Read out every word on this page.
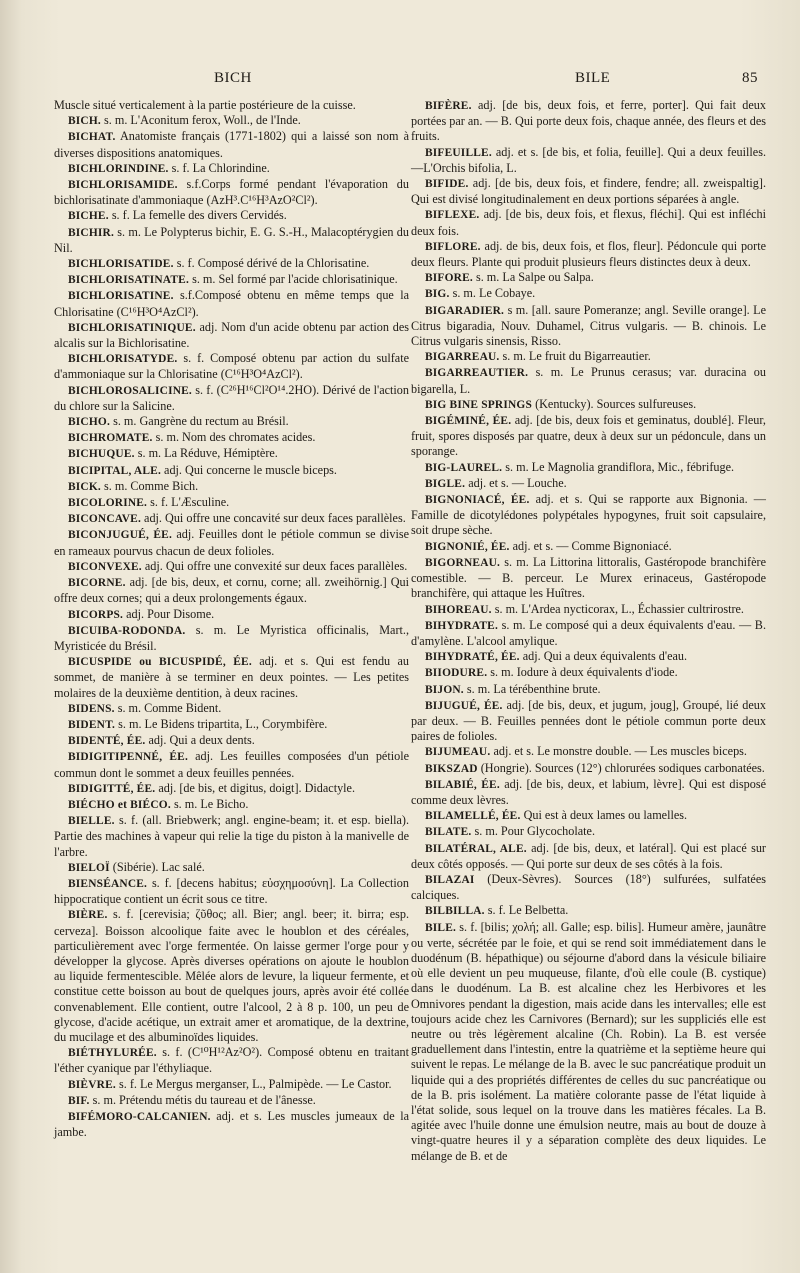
BICH	BILE	85

Muscle situé verticalement à la partie postérieure de la cuisse.

BICH. s. m. L'Aconitum ferox, Woll., de l'Inde.

BICHAT. Anatomiste français (1771-1802) qui a laissé son nom à diverses dispositions anatomiques.

BICHLORINDINE. s. f. La Chlorindine.

BICHLORISAMIDE. s.f.Corps formé pendant l'évaporation du bichlorisatinate d'ammoniaque (AzH³.C¹⁶H³AzO²Cl²).

BICHE. s. f. La femelle des divers Cervidés.

BICHIR. s. m. Le Polypterus bichir, E. G. S.-H., Malacoptérygien du Nil.

BICHLORISATIDE. s. f. Composé dérivé de la Chlorisatine.

BICHLORISATINATE. s. m. Sel formé par l'acide chlorisatinique.

BICHLORISATINE. s.f.Composé obtenu en même temps que la Chlorisatine (C¹⁶H³O⁴AzCl²).

BICHLORISATINIQUE. adj. Nom d'un acide obtenu par action des alcalis sur la Bichlorisatine.

BICHLORISATYDE. s. f. Composé obtenu par action du sulfate d'ammoniaque sur la Chlorisatine (C¹⁶H³O⁴AzCl²).

BICHLOROSALICINE. s. f. (C²⁶H¹⁶Cl²O¹⁴.2HO). Dérivé de l'action du chlore sur la Salicine.

BICHO. s. m. Gangrène du rectum au Brésil.

BICHROMATE. s. m. Nom des chromates acides.

BICHUQUE. s. m. La Réduve, Hémiptère.

BICIPITAL, ALE. adj. Qui concerne le muscle biceps.

BICK. s. m. Comme Bich.

BICOLORINE. s. f. L'Æsculine.

BICONCAVE. adj. Qui offre une concavité sur deux faces parallèles.

BICONJUGUÉ, ÉE. adj. Feuilles dont le pétiole commun se divise en rameaux pourvus chacun de deux folioles.

BICONVEXE. adj. Qui offre une convexité sur deux faces parallèles.

BICORNE. adj. [de bis, deux, et cornu, corne; all. zweihörnig.] Qui offre deux cornes; qui a deux prolongements égaux.

BICORPS. adj. Pour Disome.

BICUIBA-RODONDA. s. m. Le Myristica officinalis, Mart., Myristicée du Brésil.

BICUSPIDE ou BICUSPIDÉ, ÉE. adj. et s. Qui est fendu au sommet, de manière à se terminer en deux pointes. — Les petites molaires de la deuxième dentition, à deux racines.

BIDENS. s. m. Comme Bident.

BIDENT. s. m. Le Bidens tripartita, L., Corymbifère.

BIDENTÉ, ÉE. adj. Qui a deux dents.

BIDIGITIPENNÉ, ÉE. adj. Les feuilles composées d'un pétiole commun dont le sommet a deux feuilles pennées.

BIDIGITTÉ, ÉE. adj. [de bis, et digitus, doigt]. Didactyle.

BIÉCHO et BIÉCO. s. m. Le Bicho.

BIELLE. s. f. (all. Briebwerk; angl. engine-beam; it. et esp. biella). Partie des machines à vapeur qui relie la tige du piston à la manivelle de l'arbre.

BIELOÏ (Sibérie). Lac salé.

BIENSÉANCE. s. f. [decens habitus; εὐσχημοσύνη]. La Collection hippocratique contient un écrit sous ce titre.

BIÈRE. s. f. [cerevisia; ζῦθος; all. Bier; angl. beer; it. birra; esp. cerveza]. Boisson alcoolique faite avec le houblon et des céréales, particulièrement avec l'orge fermentée. On laisse germer l'orge pour y développer la glycose. Après diverses opérations on ajoute le houblon au liquide fermentescible. Mêlée alors de levure, la liqueur fermente, et constitue cette boisson au bout de quelques jours, après avoir été collée convenablement. Elle contient, outre l'alcool, 2 à 8 p. 100, un peu de glycose, d'acide acétique, un extrait amer et aromatique, de la dextrine, du mucilage et des albuminoïdes liquides.

BIÉTHYLURÉE. s. f. (C¹⁰H¹²Az²O²). Composé obtenu en traitant l'éther cyanique par l'éthyliaque.

BIÈVRE. s. f. Le Mergus merganser, L., Palmipède. — Le Castor.

BIF. s. m. Prétendu métis du taureau et de l'ânesse.

BIFÉMORO-CALCANIEN. adj. et s. Les muscles jumeaux de la jambe.

BIFÈRE. adj. [de bis, deux fois, et ferre, porter]. Qui fait deux portées par an. — B. Qui porte deux fois, chaque année, des fleurs et des fruits.

BIFEUILLE. adj. et s. [de bis, et folia, feuille]. Qui a deux feuilles. —L'Orchis bifolia, L.

BIFIDE. adj. [de bis, deux fois, et findere, fendre; all. zweispaltig]. Qui est divisé longitudinalement en deux portions séparées à angle.

BIFLEXE. adj. [de bis, deux fois, et flexus, fléchi]. Qui est infléchi deux fois.

BIFLORE. adj. de bis, deux fois, et flos, fleur]. Pédoncule qui porte deux fleurs. Plante qui produit plusieurs fleurs distinctes deux à deux.

BIFORE. s. m. La Salpe ou Salpa.

BIG. s. m. Le Cobaye.

BIGARADIER. s m. [all. saure Pomeranze; angl. Seville orange]. Le Citrus bigaradia, Nouv. Duhamel, Citrus vulgaris. — B. chinois. Le Citrus vulgaris sinensis, Risso.

BIGARREAU. s. m. Le fruit du Bigarreautier.

BIGARREAUTIER. s. m. Le Prunus cerasus; var. duracina ou bigarella, L.

BIG BINE SPRINGS (Kentucky). Sources sulfureuses.

BIGÉMINÉ, ÉE. adj. [de bis, deux fois et geminatus, doublé]. Fleur, fruit, spores disposés par quatre, deux à deux sur un pédoncule, dans un sporange.

BIG-LAUREL. s. m. Le Magnolia grandiflora, Mic., fébrifuge.

BIGLE. adj. et s. — Louche.

BIGNONIACÉ, ÉE. adj. et s. Qui se rapporte aux Bignonia. — Famille de dicotylédones polypétales hypogynes, fruit soit capsulaire, soit drupe sèche.

BIGNONIÉ, ÉE. adj. et s. — Comme Bignoniacé.

BIGORNEAU. s. m. La Littorina littoralis, Gastéropode branchifère comestible. — B. perceur. Le Murex erinaceus, Gastéropode branchifère, qui attaque les Huîtres.

BIHOREAU. s. m. L'Ardea nycticorax, L., Échassier cultrirostre.

BIHYDRATE. s. m. Le composé qui a deux équivalents d'eau. — B. d'amylène. L'alcool amylique.

BIHYDRATÉ, ÉE. adj. Qui a deux équivalents d'eau.

BIIODURE. s. m. Iodure à deux équivalents d'iode.

BIJON. s. m. La térébenthine brute.

BIJUGUÉ, ÉE. adj. [de bis, deux, et jugum, joug], Groupé, lié deux par deux. — B. Feuilles pennées dont le pétiole commun porte deux paires de folioles.

BIJUMEAU. adj. et s. Le monstre double. — Les muscles biceps.

BIKSZAD (Hongrie). Sources (12°) chlorurées sodiques carbonatées.

BILABIÉ, ÉE. adj. [de bis, deux, et labium, lèvre]. Qui est disposé comme deux lèvres.

BILAMELLÉ, ÉE. Qui est à deux lames ou lamelles.

BILATE. s. m. Pour Glycocholate.

BILATÉRAL, ALE. adj. [de bis, deux, et latéral]. Qui est placé sur deux côtés opposés. — Qui porte sur deux de ses côtés à la fois.

BILAZAI (Deux-Sèvres). Sources (18°) sulfurées, sulfatées calciques.

BILBILLA. s. f. Le Belbetta.

BILE. s. f. [bilis; χολή; all. Galle; esp. bilis]. Humeur amère, jaunâtre ou verte, sécrétée par le foie, et qui se rend soit immédiatement dans le duodénum (B. hépathique) ou séjourne d'abord dans la vésicule biliaire où elle devient un peu muqueuse, filante, d'où elle coule (B. cystique) dans le duodénum. La B. est alcaline chez les Herbivores et les Omnivores pendant la digestion, mais acide dans les intervalles; elle est toujours acide chez les Carnivores (Bernard); sur les suppliciés elle est neutre ou très légèrement alcaline (Ch. Robin). La B. est versée graduellement dans l'intestin, entre la quatrième et la septième heure qui suivent le repas. Le mélange de la B. avec le suc pancréatique produit un liquide qui a des propriétés différentes de celles du suc pancréatique ou de la B. pris isolément. La matière colorante passe de l'état liquide à l'état solide, sous lequel on la trouve dans les matières fécales. La B. agitée avec l'huile donne une émulsion neutre, mais au bout de douze à vingt-quatre heures il y a séparation complète des deux liquides. Le mélange de B. et de
